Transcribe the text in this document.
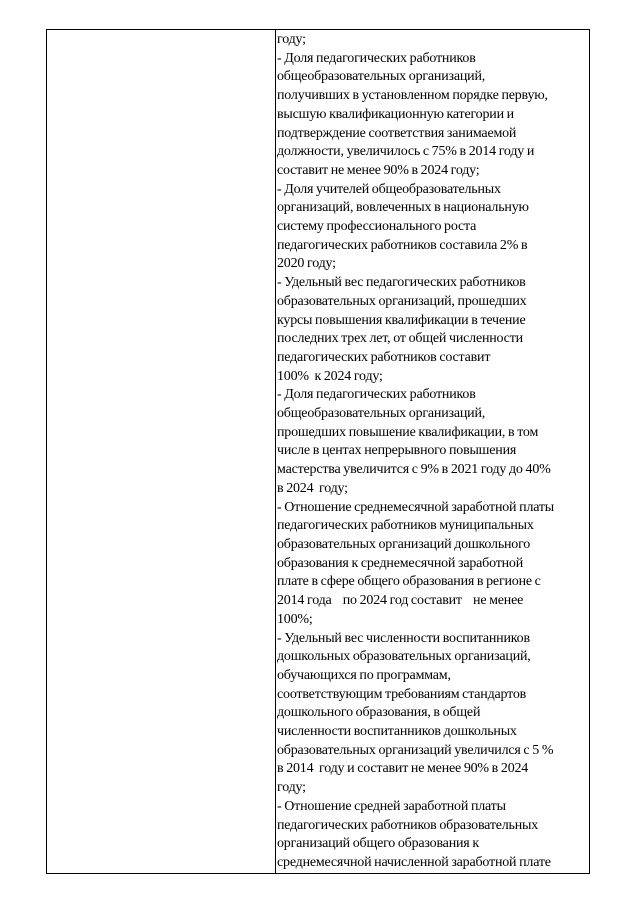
году;
- Доля педагогических работников
общеобразовательных организаций,
получивших в установленном порядке первую,
высшую квалификационную категории и
подтверждение соответствия занимаемой
должности, увеличилось с 75% в 2014 году и
составит не менее 90% в 2024 году;
- Доля учителей общеобразовательных
организаций, вовлеченных в национальную
систему профессионального роста
педагогических работников составила 2% в
2020 году;
- Удельный вес педагогических работников
образовательных организаций, прошедших
курсы повышения квалификации в течение
последних трех лет, от общей численности
педагогических работников составит
100%  к 2024 году;
- Доля педагогических работников
общеобразовательных организаций,
прошедших повышение квалификации, в том
числе в центах непрерывного повышения
мастерства увеличится с 9% в 2021 году до 40%
в 2024  году;
- Отношение среднемесячной заработной платы
педагогических работников муниципальных
образовательных организаций дошкольного
образования к среднемесячной заработной
плате в сфере общего образования в регионе с
2014 года    по 2024 год составит    не менее
100%;
- Удельный вес численности воспитанников
дошкольных образовательных организаций,
обучающихся по программам,
соответствующим требованиям стандартов
дошкольного образования, в общей
численности воспитанников дошкольных
образовательных организаций увеличился с 5 %
в 2014  году и составит не менее 90% в 2024
году;
- Отношение средней заработной платы
педагогических работников образовательных
организаций общего образования к
среднемесячной начисленной заработной плате
